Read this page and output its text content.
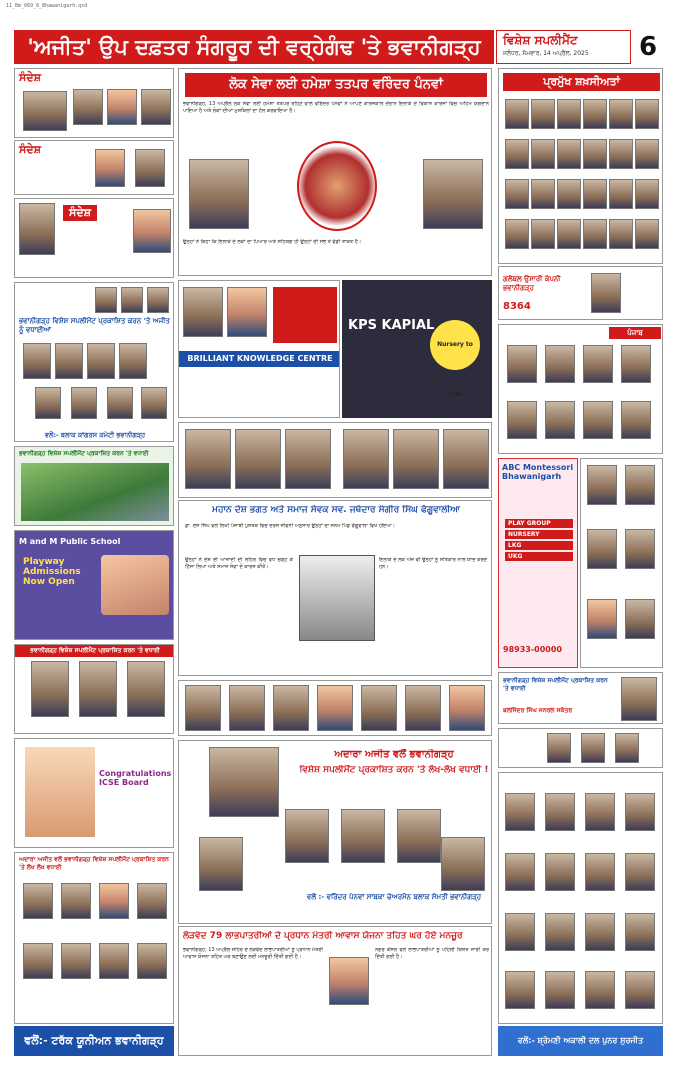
11_Bm_069_6_Bhawanigarh.qxd
'ਅਜੀਤ' ਉਪ ਦਫ਼ਤਰ ਸੰਗਰੂਰ ਦੀ ਵਰ੍ਹੇਗੰਢ 'ਤੇ ਭਵਾਨੀਗੜ੍ਹ	ਵਿਸ਼ੇਸ਼ ਸਪਲੀਮੈਂਟ
ਜਲੰਧਰ, ਸੋਮਵਾਰ, 14 ਅਪ੍ਰੈਲ, 2025	6
ਸੰਦੇਸ਼
ਸੰਦੇਸ਼
ਸੰਦੇਸ਼
ਭਵਾਨੀਗੜ੍ਹ ਵਿਸ਼ੇਸ਼ ਸਪਲੀਮੈਂਟ ਪ੍ਰਕਾਸ਼ਿਤ ਕਰਨ 'ਤੇ ਅਜੀਤ ਨੂੰ ਵਧਾਈਆਂ
ਵਲੋਂ:- ਬਲਾਕ ਕਾਂਗਰਸ ਕਮੇਟੀ ਭਵਾਨੀਗੜ੍ਹ
ਭਵਾਨੀਗੜ੍ਹ ਵਿਸ਼ੇਸ਼ ਸਪਲੀਮੈਂਟ ਪ੍ਰਕਾਸ਼ਿਤ ਕਰਨ 'ਤੇ ਵਧਾਈ
M and M Public School
Playway Admissions Now Open
ਭਵਾਨੀਗੜ੍ਹ ਵਿਸ਼ੇਸ਼ ਸਪਲੀਮੈਂਟ ਪ੍ਰਕਾਸ਼ਿਤ ਕਰਨ 'ਤੇ ਵਧਾਈ
Congratulations ICSE Board
ਅਦਾਰਾ ਅਜੀਤ ਵਲੋਂ ਭਵਾਨੀਗੜ੍ਹ ਵਿਸ਼ੇਸ਼ ਸਪਲੀਮੈਂਟ ਪ੍ਰਕਾਸ਼ਿਤ ਕਰਨ 'ਤੇ ਲੱਖ ਲੱਖ ਵਧਾਈ
ਵਲੋਂ:- ਟਰੱਕ ਯੂਨੀਅਨ ਭਵਾਨੀਗੜ੍ਹ
ਲੋਕ ਸੇਵਾ ਲਈ ਹਮੇਸ਼ਾ ਤਤਪਰ ਵਰਿੰਦਰ ਪੰਨਵਾਂ
ਭਵਾਨੀਗੜ੍ਹ, 13 ਅਪ੍ਰੈਲ ਲੋਕ ਸੇਵਾ ਲਈ ਹਮੇਸ਼ਾ ਤਤਪਰ ਰਹਿਣ ਵਾਲੇ ਵਰਿੰਦਰ ਪੰਨਵਾਂ ਨੇ ਆਪਣੇ ਕਾਰਜਕਾਲ ਦੌਰਾਨ ਇਲਾਕੇ ਦੇ ਵਿਕਾਸ ਕਾਰਜਾਂ ਵਿਚ ਅਹਿਮ ਯੋਗਦਾਨ ਪਾਇਆ ਹੈ ਅਤੇ ਲੋਕਾਂ ਦੀਆਂ ਮੁਸ਼ਕਿਲਾਂ ਦਾ ਹੱਲ ਕਰਵਾਇਆ ਹੈ।
ਉਨ੍ਹਾਂ ਨੇ ਕਿਹਾ ਕਿ ਇਲਾਕੇ ਦੇ ਲੋਕਾਂ ਦਾ ਪਿਆਰ ਅਤੇ ਸਹਿਯੋਗ ਹੀ ਉਨ੍ਹਾਂ ਦੀ ਸਭ ਤੋਂ ਵੱਡੀ ਤਾਕਤ ਹੈ।
BRILLIANT KNOWLEDGE CENTRE
KPS KAPIAL
Nursery to 12th
ਮਹਾਨ ਦੇਸ਼ ਭਗਤ ਅਤੇ ਸਮਾਜ ਸੇਵਕ ਸਵ. ਜਥੇਦਾਰ ਸੰਗੀਰ ਸਿੰਘ ਫੱਗੂਵਾਲੀਆ
ਡਾ. ਦੇਸ਼ ਸਿੰਘ ਵਲੋਂ ਲਿਖੀ ਪੰਜਾਬੀ ਪੁਸਤਕ ਵਿਚ ਦਰਜ ਜੀਵਨੀ ਅਨੁਸਾਰ ਉਨ੍ਹਾਂ ਦਾ ਜਨਮ ਪਿੰਡ ਫੱਗੂਵਾਲਾ ਵਿਖੇ ਹੋਇਆ।
ਉਨ੍ਹਾਂ ਨੇ ਦੇਸ਼ ਦੀ ਆਜ਼ਾਦੀ ਦੀ ਲਹਿਰ ਵਿਚ ਵਧ ਚੜ੍ਹ ਕੇ ਹਿੱਸਾ ਲਿਆ ਅਤੇ ਸਮਾਜ ਸੇਵਾ ਦੇ ਕਾਰਜ ਕੀਤੇ।
ਇਲਾਕੇ ਦੇ ਲੋਕ ਅੱਜ ਵੀ ਉਨ੍ਹਾਂ ਨੂੰ ਸਤਿਕਾਰ ਨਾਲ ਯਾਦ ਕਰਦੇ ਹਨ।
ਅਦਾਰਾ ਅਜੀਤ ਵਲੋਂ ਭਵਾਨੀਗੜ੍ਹ
ਵਿਸ਼ੇਸ਼ ਸਪਲੀਮੈਂਟ ਪ੍ਰਕਾਸ਼ਿਤ ਕਰਨ 'ਤੇ ਲੱਖ-ਲੱਖ ਵਧਾਈ !
ਵਲੋਂ :- ਵਰਿੰਦਰ ਪੰਨਵਾਂ ਸਾਬਕਾ ਚੇਅਰਮੈਨ ਬਲਾਕ ਸੰਮਤੀ ਭਵਾਨੀਗੜ੍ਹ
ਲੋੜਵੰਦ 79 ਲਾਭਪਾਤਰੀਆਂ ਦੇ ਪ੍ਰਧਾਨ ਮੰਤਰੀ ਆਵਾਸ ਯੋਜਨਾ ਤਹਿਤ ਘਰ ਹੋਏ ਮਨਜ਼ੂਰ
ਭਵਾਨੀਗੜ੍ਹ, 13 ਅਪ੍ਰੈਲ ਸ਼ਹਿਰ ਦੇ ਲੋੜਵੰਦ ਲਾਭਪਾਤਰੀਆਂ ਨੂੰ ਪ੍ਰਧਾਨ ਮੰਤਰੀ ਆਵਾਸ ਯੋਜਨਾ ਤਹਿਤ ਘਰ ਬਣਾਉਣ ਲਈ ਮਨਜ਼ੂਰੀ ਦਿੱਤੀ ਗਈ ਹੈ।
ਨਗਰ ਕੌਂਸਲ ਵਲੋਂ ਲਾਭਪਾਤਰੀਆਂ ਨੂੰ ਪਹਿਲੀ ਕਿਸ਼ਤ ਜਾਰੀ ਕਰ ਦਿੱਤੀ ਗਈ ਹੈ।
ਪ੍ਰਮੁੱਖ ਸ਼ਖ਼ਸੀਅਤਾਂ
ਗਲੋਬਲ ਉਸਾਰੀ ਕੰਪਨੀ ਭਵਾਨੀਗੜ੍ਹ
8364
ਪੰਜਾਬ
ABC Montessori Bhawanigarh
PLAY GROUP
NURSERY
LKG
UKG
98933-00000
ਭਵਾਨੀਗੜ੍ਹ ਵਿਸ਼ੇਸ਼ ਸਪਲੀਮੈਂਟ ਪ੍ਰਕਾਸ਼ਿਤ ਕਰਨ 'ਤੇ ਵਧਾਈ
ਬਲਜਿੰਦਰ ਸਿੰਘ ਜਨਰਲ ਸਕੱਤਰ
ਵਲੋਂ:- ਸ਼੍ਰੋਮਣੀ ਅਕਾਲੀ ਦਲ ਪੁਨਰ ਸੁਰਜੀਤ
